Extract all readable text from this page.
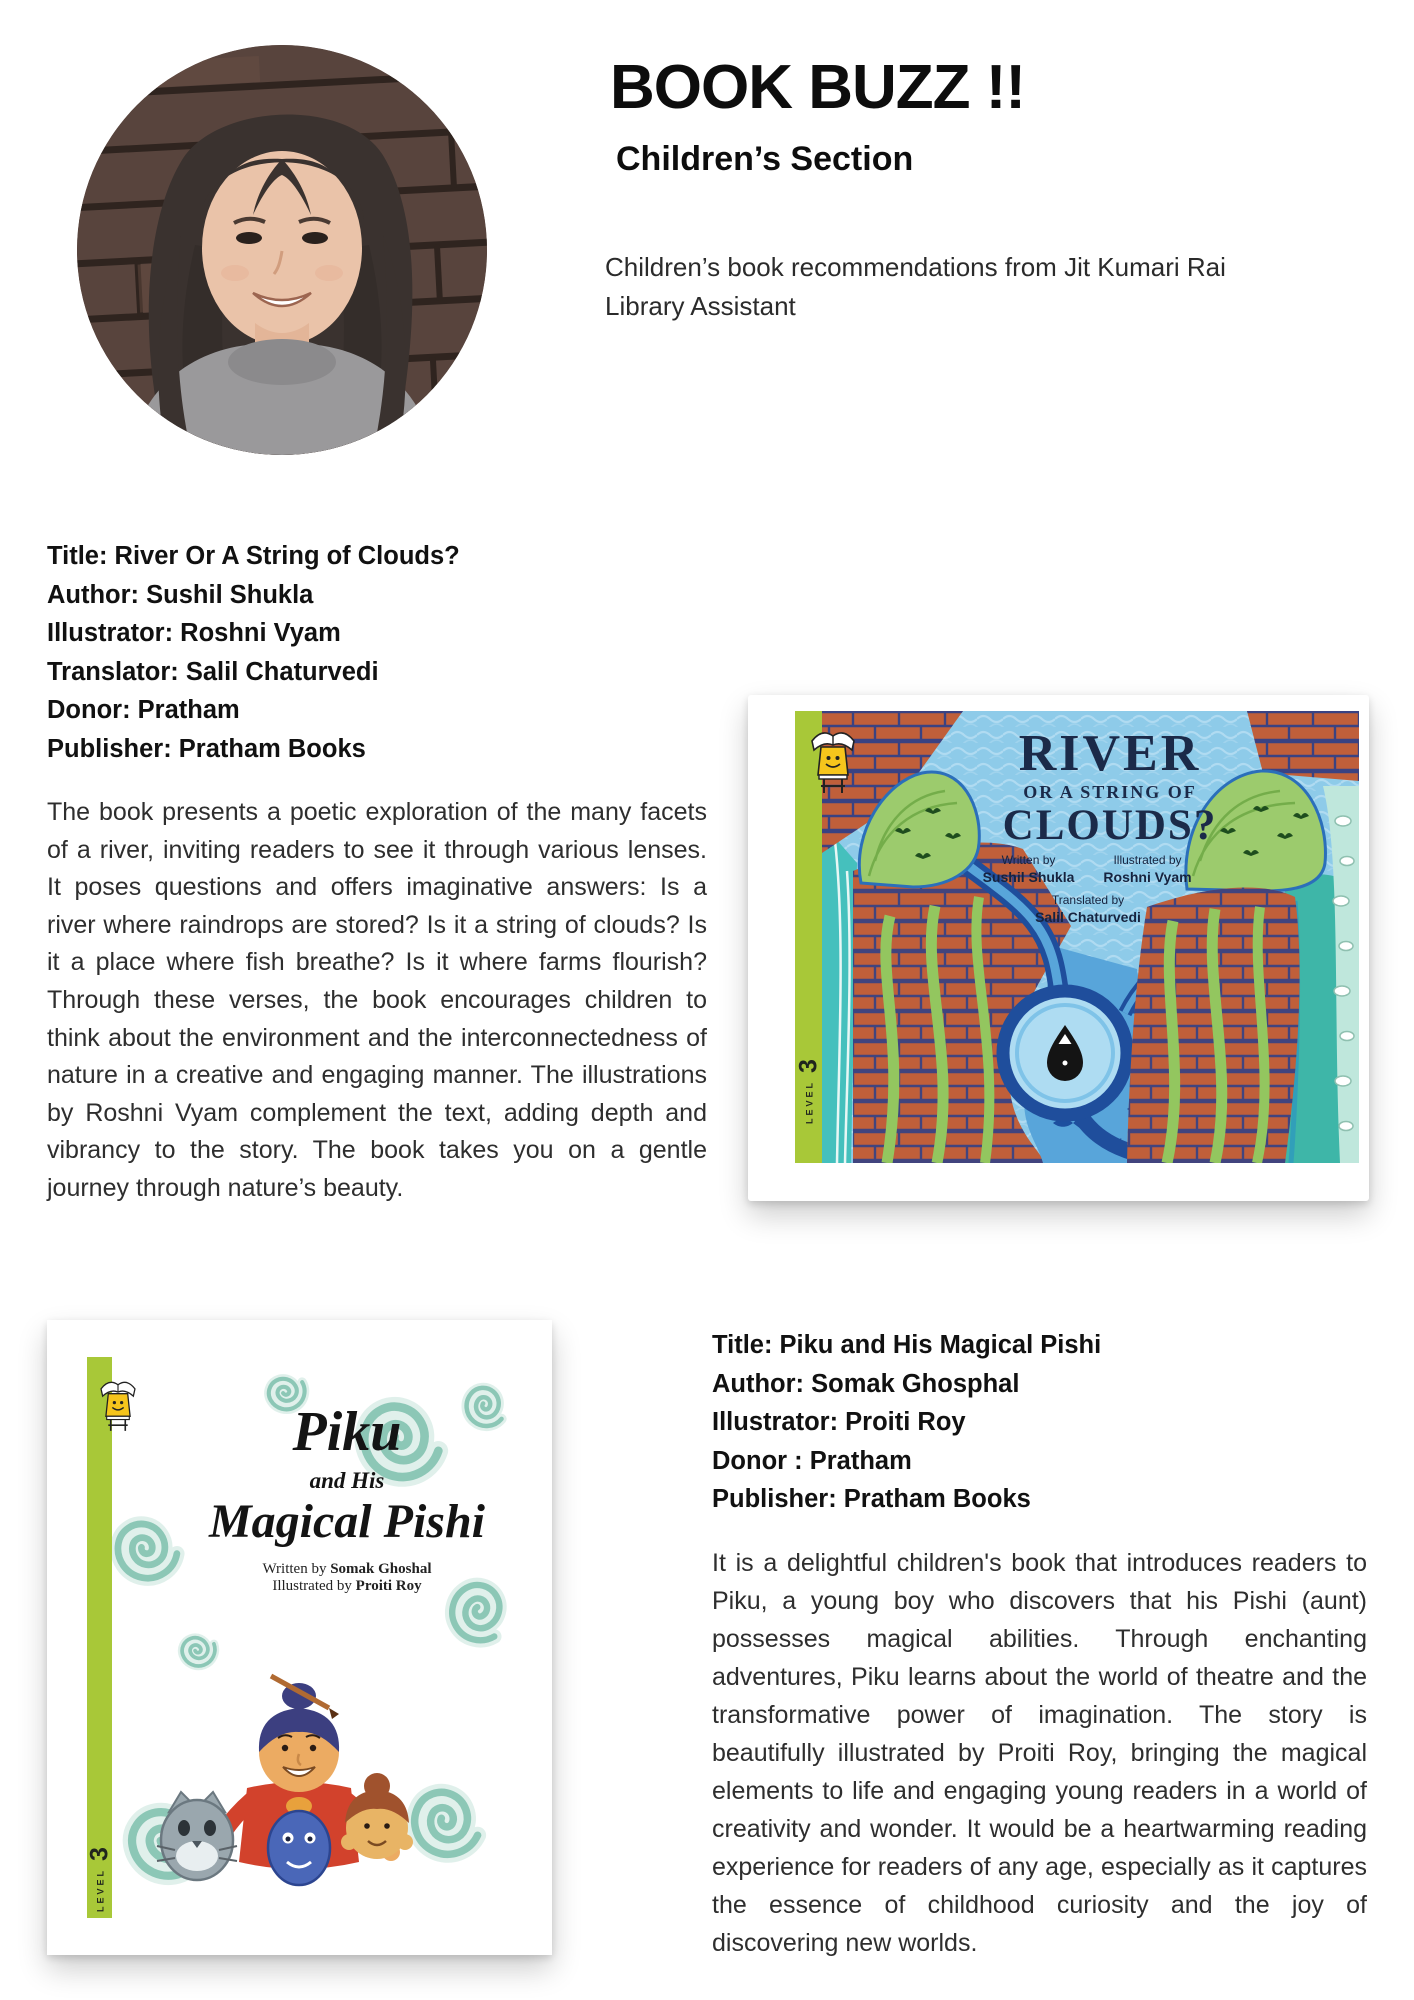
BOOK BUZZ !!
Children’s Section
Children’s book recommendations from Jit Kumari Rai
Library Assistant
Title: River Or A String of Clouds?
Author: Sushil Shukla
Illustrator: Roshni Vyam
Translator: Salil Chaturvedi
Donor: Pratham
Publisher: Pratham Books

The book presents a poetic exploration of the many facets of a river, inviting readers to see it through various lenses. It poses questions and offers imaginative answers: Is a river where raindrops are stored? Is it a string of clouds? Is it a place where fish breathe? Is it where farms flourish? Through these verses, the book encourages children to think about the environment and the interconnectedness of nature in a creative and engaging manner. The illustrations by Roshni Vyam complement the text, adding depth and vibrancy to the story. The book takes you on a gentle journey through nature’s beauty.

RIVER
OR A STRING OF
CLOUDS?
Written by
Sushil Shukla
Illustrated by
Roshni Vyam
Translated by
Salil Chaturvedi
LEVEL
3
Piku
and His
Magical Pishi
Written by Somak Ghoshal
Illustrated by Proiti Roy
LEVEL
3
Title: Piku and His Magical Pishi
Author: Somak Ghosphal
Illustrator: Proiti Roy
Donor : Pratham
Publisher: Pratham Books

It is a delightful children's book that introduces readers to Piku, a young boy who discovers that his Pishi (aunt) possesses magical abilities. Through enchanting adventures, Piku learns about the world of theatre and the transformative power of imagination. The story is beautifully illustrated by Proiti Roy, bringing the magical elements to life and engaging young readers in a world of creativity and wonder. It would be a heartwarming reading experience for readers of any age, especially as it captures the essence of childhood curiosity and the joy of discovering new worlds.
